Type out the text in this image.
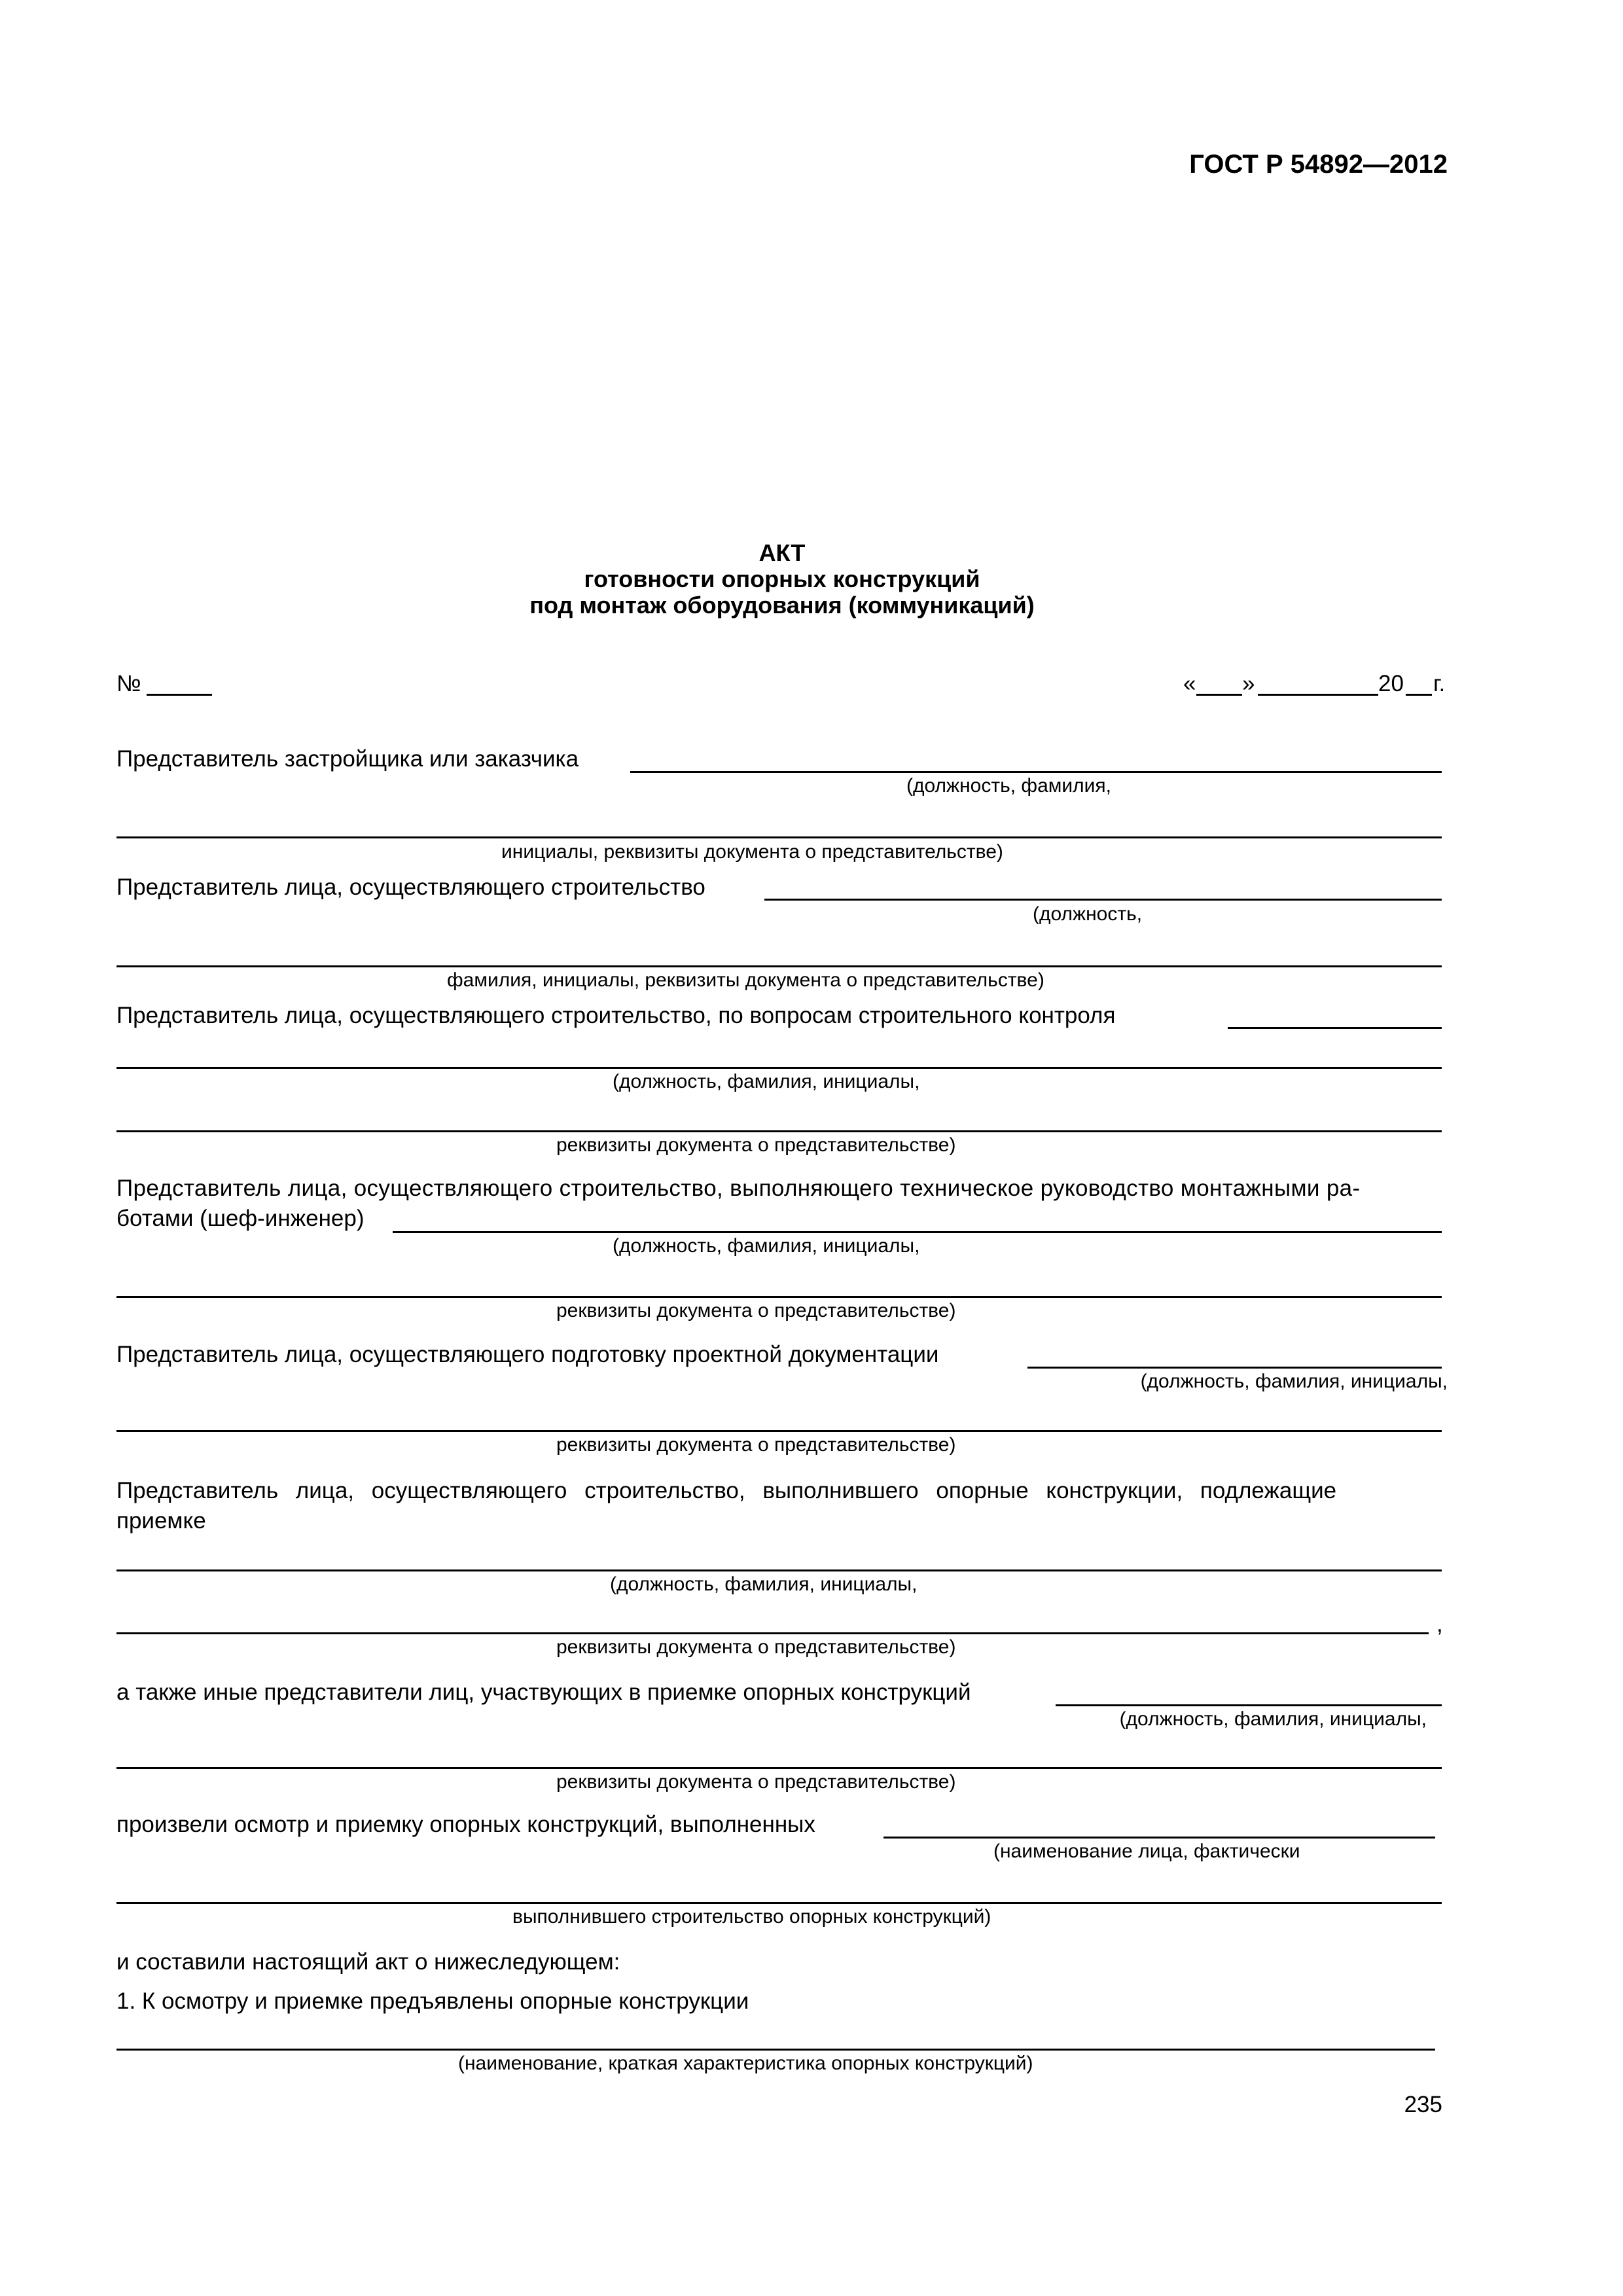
ГОСТ Р 54892—2012
АКТ
готовности опорных конструкций
под монтаж оборудования (коммуникаций)
№	« »	20 г.
Представитель застройщика или заказчика
(должность, фамилия,
инициалы, реквизиты документа о представительстве)
Представитель лица, осуществляющего строительство
(должность,
фамилия, инициалы, реквизиты документа о представительстве)
Представитель лица, осуществляющего строительство, по вопросам строительного контроля
(должность, фамилия, инициалы,
реквизиты документа о представительстве)
Представитель лица, осуществляющего строительство, выполняющего техническое руководство монтажными ра-
ботами (шеф-инженер)
(должность, фамилия, инициалы,
реквизиты документа о представительстве)
Представитель лица, осуществляющего подготовку проектной документации
(должность, фамилия, инициалы,
реквизиты документа о представительстве)
Представитель лица, осуществляющего строительство, выполнившего опорные конструкции, подлежащие
приемке
(должность, фамилия, инициалы,
,
реквизиты документа о представительстве)
а также иные представители лиц, участвующих в приемке опорных конструкций
(должность, фамилия, инициалы,
реквизиты документа о представительстве)
произвели осмотр и приемку опорных конструкций, выполненных
(наименование лица, фактически
выполнившего строительство опорных конструкций)
и составили настоящий акт о нижеследующем:
1. К осмотру и приемке предъявлены опорные конструкции
(наименование, краткая характеристика опорных конструкций)
235
